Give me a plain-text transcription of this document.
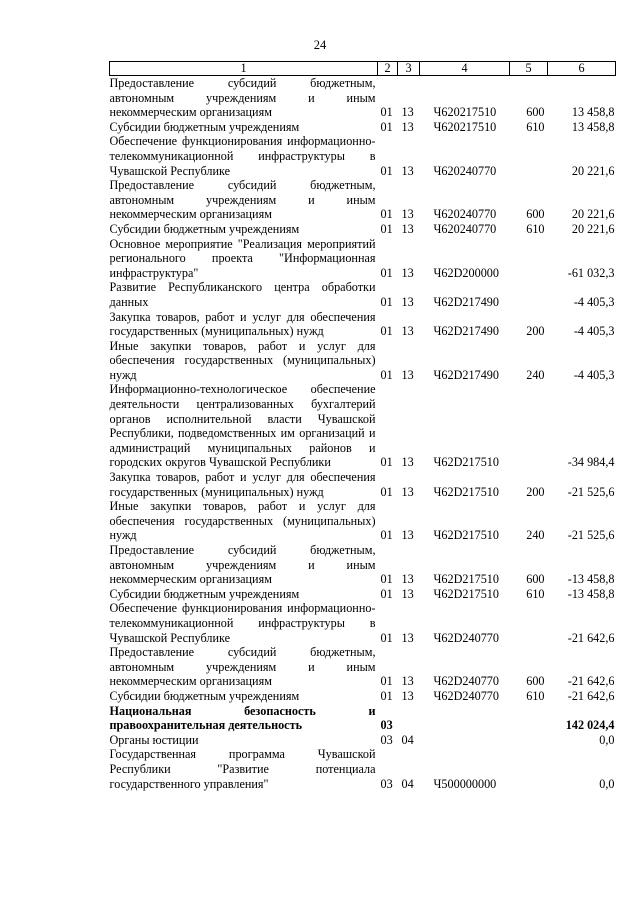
24
1	2	3	4	5	6
Предоставление субсидий бюджетным, автономным учреждениям и иным некоммерческим организациям	01	13	Ч620217510	600	13 458,8
Субсидии бюджетным учреждениям	01	13	Ч620217510	610	13 458,8
Обеспечение функционирования информационно-телекоммуникационной инфраструктуры в Чувашской Республике	01	13	Ч620240770		20 221,6
Предоставление субсидий бюджетным, автономным учреждениям и иным некоммерческим организациям	01	13	Ч620240770	600	20 221,6
Субсидии бюджетным учреждениям	01	13	Ч620240770	610	20 221,6
Основное мероприятие "Реализация мероприятий регионального проекта "Информационная инфраструктура"	01	13	Ч62D200000		-61 032,3
Развитие Республиканского центра обработки данных	01	13	Ч62D217490		-4 405,3
Закупка товаров, работ и услуг для обеспечения государственных (муниципальных) нужд	01	13	Ч62D217490	200	-4 405,3
Иные закупки товаров, работ и услуг для обеспечения государственных (муниципальных) нужд	01	13	Ч62D217490	240	-4 405,3
Информационно-технологическое обеспечение деятельности централизованных бухгалтерий органов исполнительной власти Чувашской Республики, подведомственных им организаций и администраций муниципальных районов и городских округов Чувашской Республики	01	13	Ч62D217510		-34 984,4
Закупка товаров, работ и услуг для обеспечения государственных (муниципальных) нужд	01	13	Ч62D217510	200	-21 525,6
Иные закупки товаров, работ и услуг для обеспечения государственных (муниципальных) нужд	01	13	Ч62D217510	240	-21 525,6
Предоставление субсидий бюджетным, автономным учреждениям и иным некоммерческим организациям	01	13	Ч62D217510	600	-13 458,8
Субсидии бюджетным учреждениям	01	13	Ч62D217510	610	-13 458,8
Обеспечение функционирования информационно-телекоммуникационной инфраструктуры в Чувашской Республике	01	13	Ч62D240770		-21 642,6
Предоставление субсидий бюджетным, автономным учреждениям и иным некоммерческим организациям	01	13	Ч62D240770	600	-21 642,6
Субсидии бюджетным учреждениям	01	13	Ч62D240770	610	-21 642,6
Национальная безопасность и правоохранительная деятельность	03				142 024,4
Органы юстиции	03	04			0,0
Государственная программа Чувашской Республики "Развитие потенциала государственного управления"	03	04	Ч500000000		0,0
